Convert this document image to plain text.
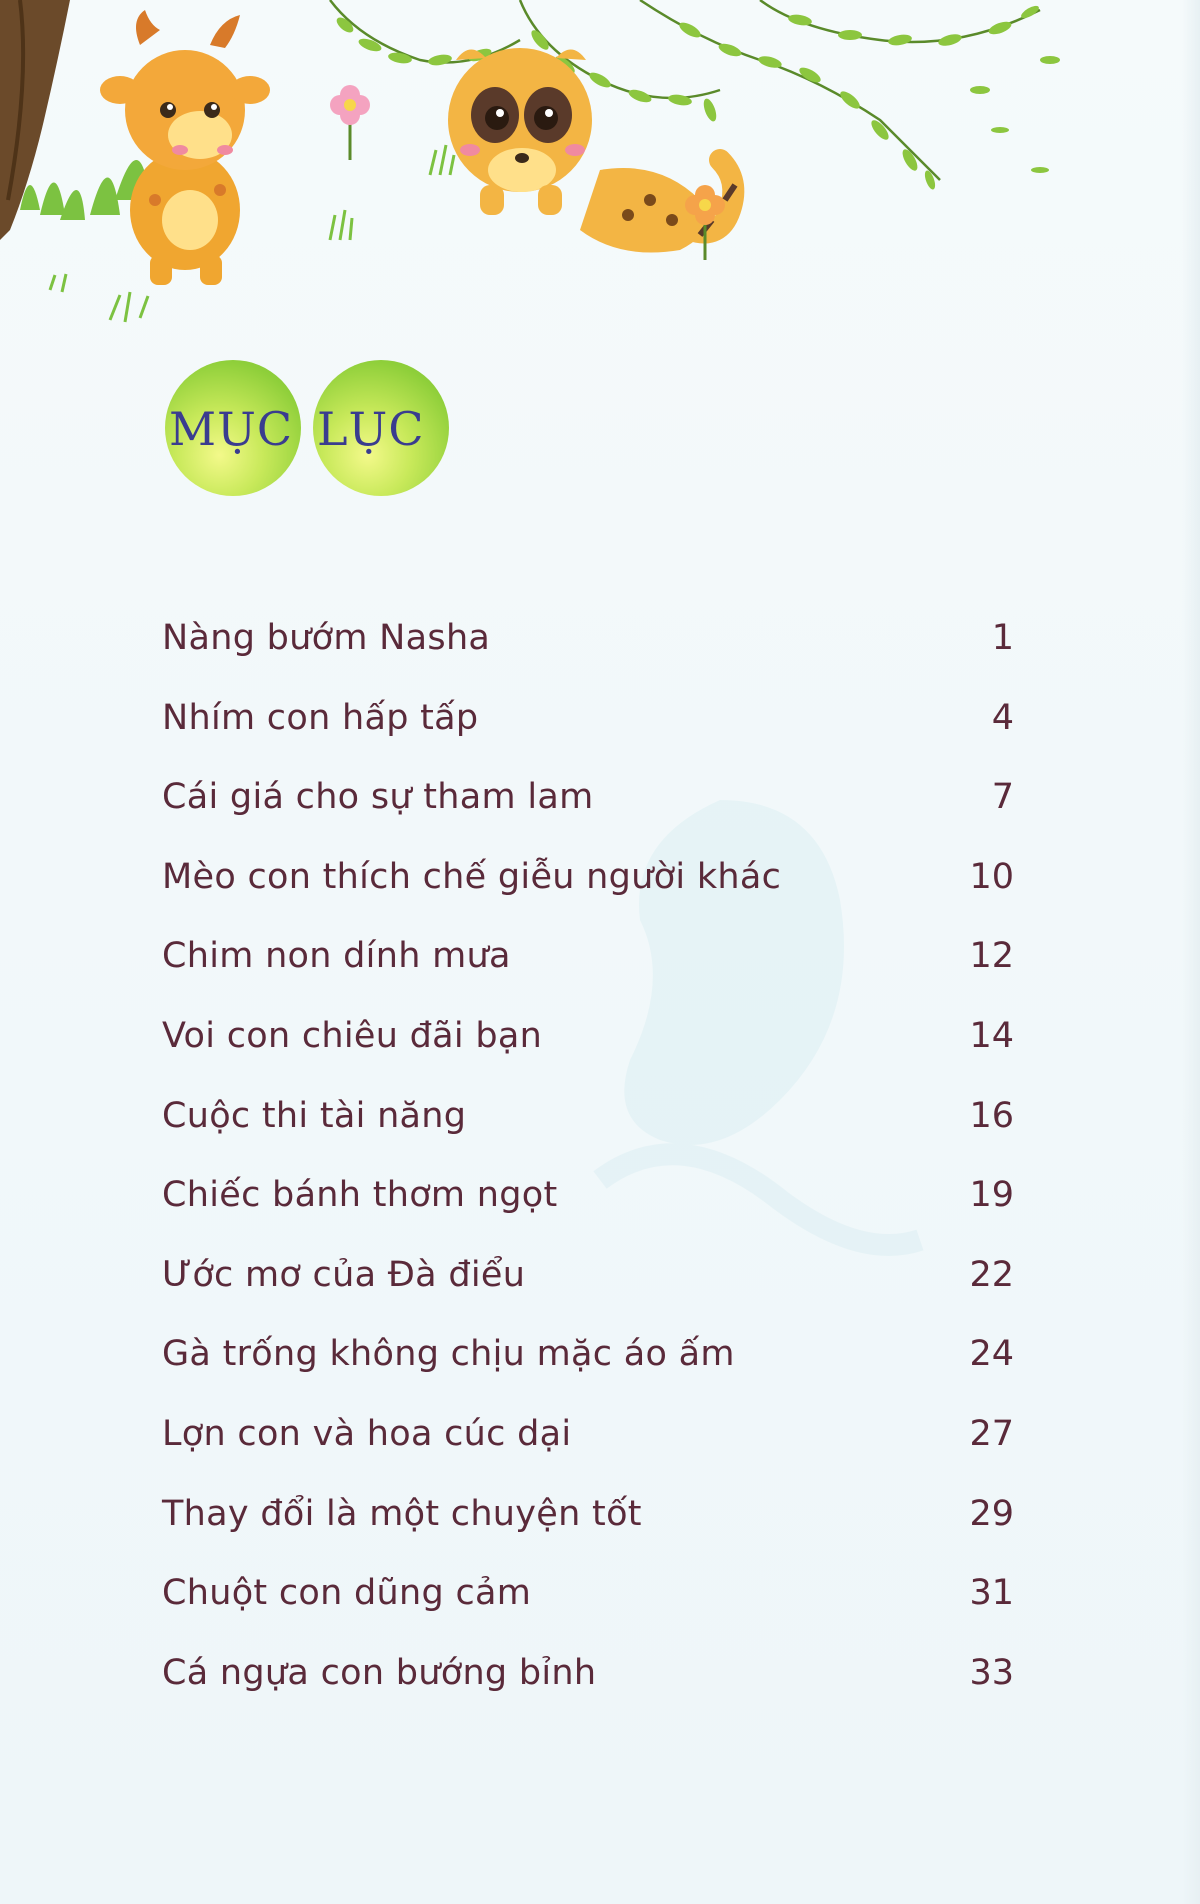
MỤC LỤC
Nàng bướm Nasha	1
Nhím con hấp tấp	4
Cái giá cho sự tham lam	7
Mèo con thích chế giễu người khác	10
Chim non dính mưa	12
Voi con chiêu đãi bạn	14
Cuộc thi tài năng	16
Chiếc bánh thơm ngọt	19
Ước mơ của Đà điểu	22
Gà trống không chịu mặc áo ấm	24
Lợn con và hoa cúc dại	27
Thay đổi là một chuyện tốt	29
Chuột con dũng cảm	31
Cá ngựa con bướng bỉnh	33
